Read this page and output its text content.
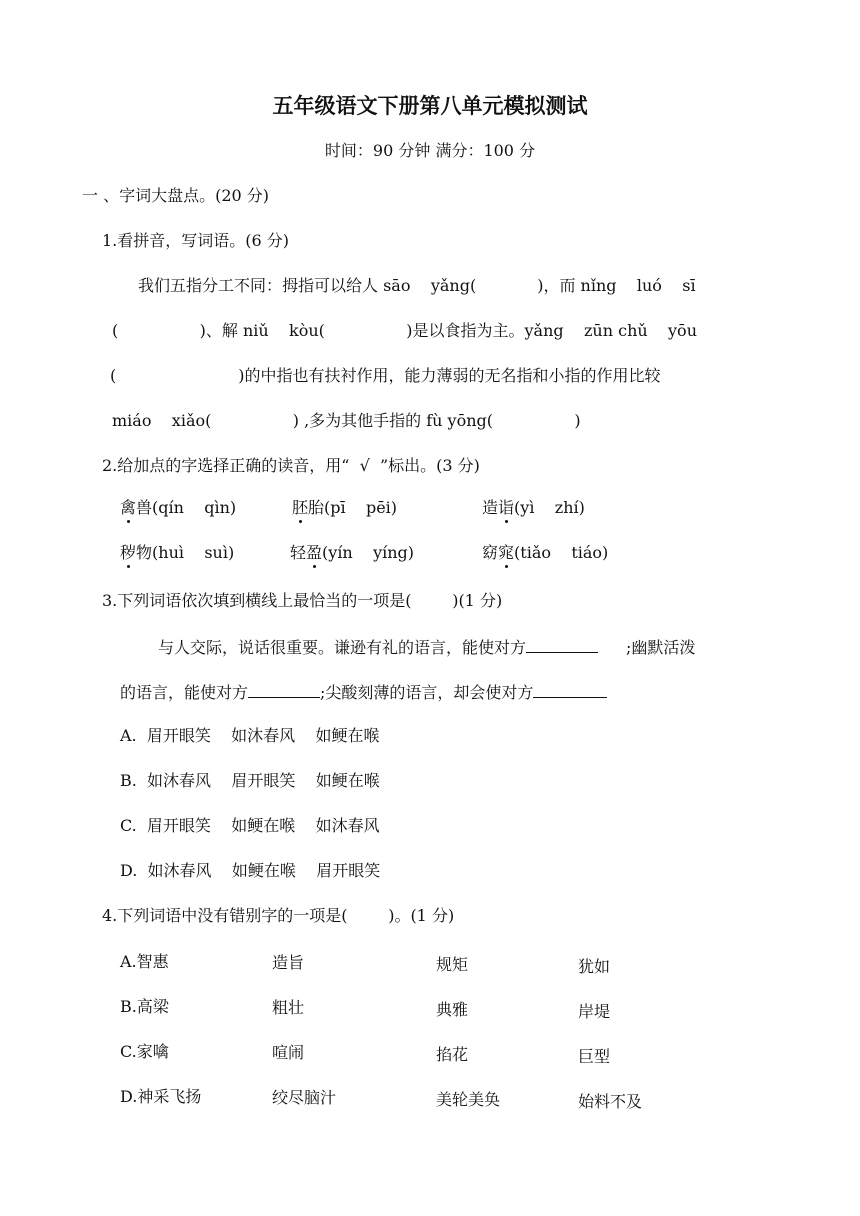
五年级语文下册第八单元模拟测试
时间：90 分钟 满分：100 分
一 、字词大盘点。(20 分)
1.看拼音，写词语。(6 分)
我们五指分工不同：拇指可以给人 sāo    yǎng(            )，而 nǐng    luó    sī
(                )、解 niǔ    kòu(                )是以食指为主。yǎng    zūn chǔ    yōu
(                        )的中指也有扶衬作用，能力薄弱的无名指和小指的作用比较
miáo    xiǎo(                ) ,多为其他手指的 fù yōng(                )
2.给加点的字选择正确的读音，用“  √  ”标出。(3 分)
禽兽(qín    qìn)	胚胎(pī    pēi)	造诣(yì    zhí)
秽物(huì    suì)	轻盈(yín    yíng)	窈窕(tiǎo    tiáo)
3.下列词语依次填到横线上最恰当的一项是(        )(1 分)
与人交际，说话很重要。谦逊有礼的语言，能使对方	;幽默活泼
的语言，能使对方	;尖酸刻薄的语言，却会使对方
A.  眉开眼笑    如沐春风    如鲠在喉
B.  如沐春风    眉开眼笑    如鲠在喉
C.  眉开眼笑    如鲠在喉    如沐春风
D.  如沐春风    如鲠在喉    眉开眼笑
4.下列词语中没有错别字的一项是(        )。(1 分)
A.智惠	造旨	规矩	犹如
B.高梁	粗壮	典雅	岸堤
C.家噙	喧闹	掐花	巨型
D.神采飞扬	绞尽脑汁	美轮美奂	始料不及
